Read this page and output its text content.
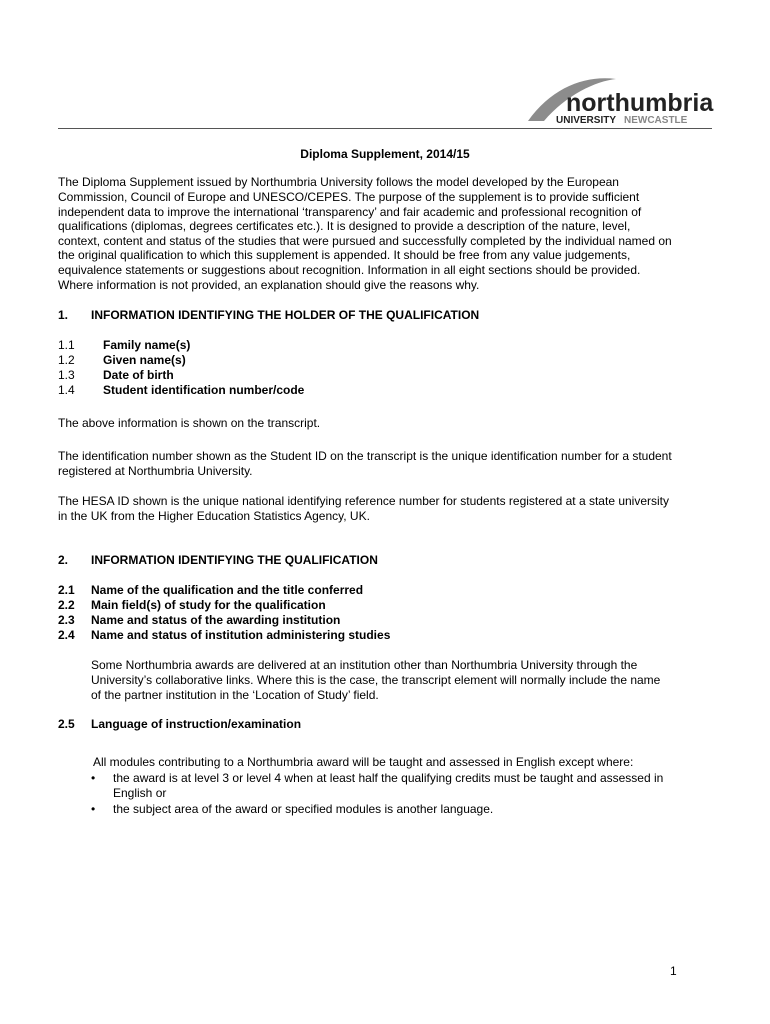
northumbria
UNIVERSITY NEWCASTLE
Diploma Supplement, 2014/15
The Diploma Supplement issued by Northumbria University follows the model developed by the European
Commission, Council of Europe and UNESCO/CEPES. The purpose of the supplement is to provide sufficient
independent data to improve the international ‘transparency’ and fair academic and professional recognition of
qualifications (diplomas, degrees certificates etc.). It is designed to provide a description of the nature, level,
context, content and status of the studies that were pursued and successfully completed by the individual named on
the original qualification to which this supplement is appended. It should be free from any value judgements,
equivalence statements or suggestions about recognition. Information in all eight sections should be provided.
Where information is not provided, an explanation should give the reasons why.
1. INFORMATION IDENTIFYING THE HOLDER OF THE QUALIFICATION
1.1 Family name(s)
1.2 Given name(s)
1.3 Date of birth
1.4 Student identification number/code
The above information is shown on the transcript.
The identification number shown as the Student ID on the transcript is the unique identification number for a student
registered at Northumbria University.
The HESA ID shown is the unique national identifying reference number for students registered at a state university
in the UK from the Higher Education Statistics Agency, UK.
2. INFORMATION IDENTIFYING THE QUALIFICATION
2.1 Name of the qualification and the title conferred
2.2 Main field(s) of study for the qualification
2.3 Name and status of the awarding institution
2.4 Name and status of institution administering studies
Some Northumbria awards are delivered at an institution other than Northumbria University through the
University’s collaborative links. Where this is the case, the transcript element will normally include the name
of the partner institution in the ‘Location of Study’ field.
2.5 Language of instruction/examination
All modules contributing to a Northumbria award will be taught and assessed in English except where:
• the award is at level 3 or level 4 when at least half the qualifying credits must be taught and assessed in
English or
• the subject area of the award or specified modules is another language.
1
